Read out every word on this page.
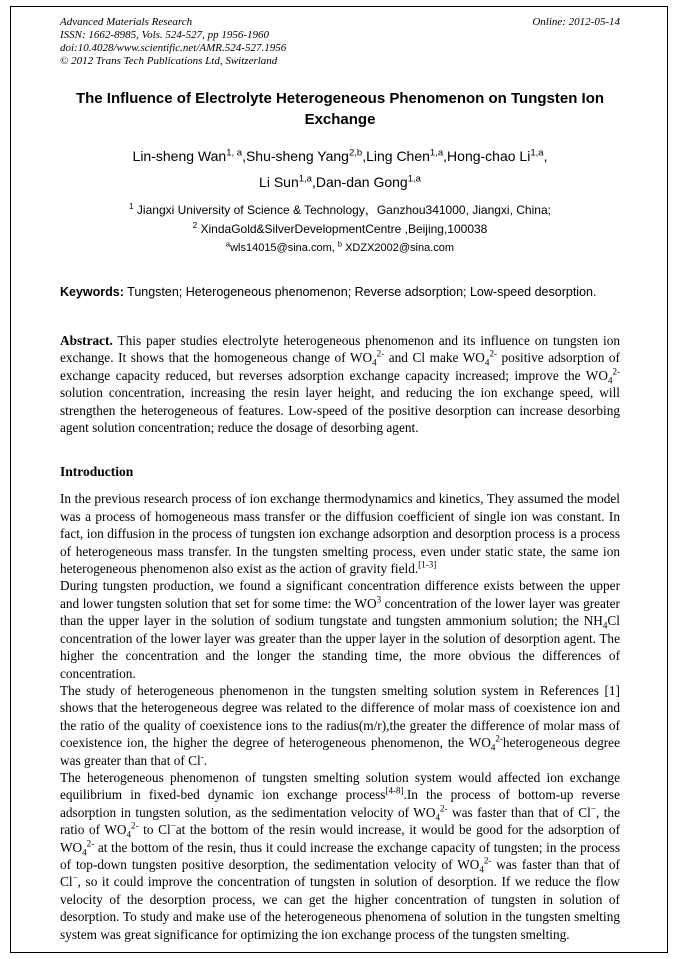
Advanced Materials Research	Online: 2012-05-14
ISSN: 1662-8985, Vols. 524-527, pp 1956-1960
doi:10.4028/www.scientific.net/AMR.524-527.1956
© 2012 Trans Tech Publications Ltd, Switzerland
The Influence of Electrolyte Heterogeneous Phenomenon on Tungsten Ion Exchange
Lin-sheng Wan$^{1, a}$,Shu-sheng Yang$^{2,b}$,Ling Chen$^{1,a}$,Hong-chao Li$^{1,a}$,
Li Sun$^{1,a}$,Dan-dan Gong$^{1,a}$
$^1$ Jiangxi University of Science & Technology，Ganzhou341000, Jiangxi, China;
$^2$ XindaGold&SilverDevelopmentCentre ,Beijing,100038
$^a$wls14015@sina.com, $^b$ XDZX2002@sina.com
Keywords: Tungsten; Heterogeneous phenomenon; Reverse adsorption; Low-speed desorption.
Abstract. This paper studies electrolyte heterogeneous phenomenon and its influence on tungsten ion exchange. It shows that the homogeneous change of $WO_4^{2-}$ and Cl make $WO_4^{2-}$ positive adsorption of exchange capacity reduced, but reverses adsorption exchange capacity increased; improve the $WO_4^{2-}$ solution concentration, increasing the resin layer height, and reducing the ion exchange speed, will strengthen the heterogeneous of features. Low-speed of the positive desorption can increase desorbing agent solution concentration; reduce the dosage of desorbing agent.
Introduction

In the previous research process of ion exchange thermodynamics and kinetics, They assumed the model was a process of homogeneous mass transfer or the diffusion coefficient of single ion was constant. In fact, ion diffusion in the process of tungsten ion exchange adsorption and desorption process is a process of heterogeneous mass transfer. In the tungsten smelting process, even under static state, the same ion heterogeneous phenomenon also exist as the action of gravity field.[1-3]

During tungsten production, we found a significant concentration difference exists between the upper and lower tungsten solution that set for some time: the $WO^3$ concentration of the lower layer was greater than the upper layer in the solution of sodium tungstate and tungsten ammonium solution; the $NH_4Cl$ concentration of the lower layer was greater than the upper layer in the solution of desorption agent. The higher the concentration and the longer the standing time, the more obvious the differences of concentration.

The study of heterogeneous phenomenon in the tungsten smelting solution system in References [1] shows that the heterogeneous degree was related to the difference of molar mass of coexistence ion and the ratio of the quality of coexistence ions to the radius(m/r),the greater the difference of molar mass of coexistence ion, the higher the degree of heterogeneous phenomenon, the $WO_4^{2-}heterogeneous$ degree was greater than that of Cl-.

The heterogeneous phenomenon of tungsten smelting solution system would affected ion exchange equilibrium in fixed-bed dynamic ion exchange process[4-8].In the process of bottom-up reverse adsorption in tungsten solution, as the sedimentation velocity of $WO_4^{2-}$ was faster than that of Cl−, the ratio of $WO_4^{2-}$ to Cl−at the bottom of the resin would increase, it would be good for the adsorption of $WO_4^{2-}$ at the bottom of the resin, thus it could increase the exchange capacity of tungsten; in the process of top-down tungsten positive desorption, the sedimentation velocity of $WO_4^{2-}$ was faster than that of Cl−, so it could improve the concentration of tungsten in solution of desorption. If we reduce the flow velocity of the desorption process, we can get the higher concentration of tungsten in solution of desorption. To study and make use of the heterogeneous phenomena of solution in the tungsten smelting system was great significance for optimizing the ion exchange process of the tungsten smelting.
